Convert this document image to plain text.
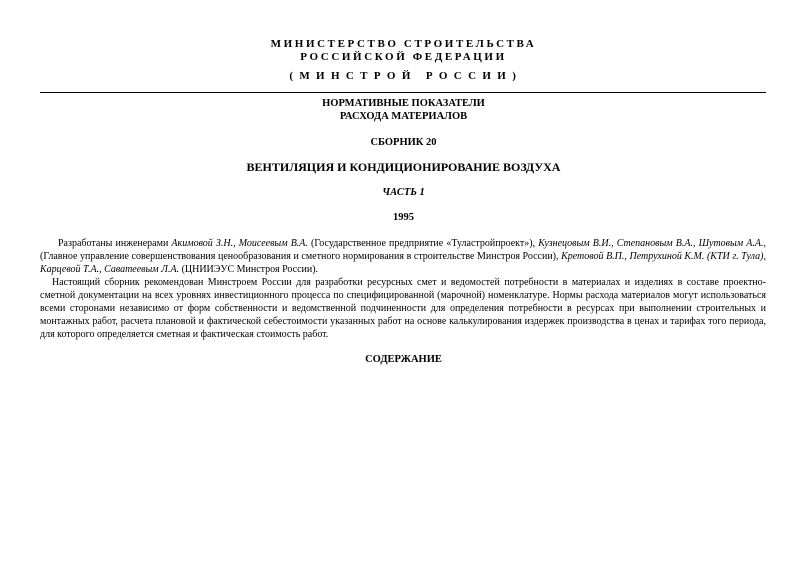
МИНИСТЕРСТВО СТРОИТЕЛЬСТВА
РОССИЙСКОЙ ФЕДЕРАЦИИ
( М И Н С Т Р О Й   Р О С С И И )
НОРМАТИВНЫЕ ПОКАЗАТЕЛИ
РАСХОДА МАТЕРИАЛОВ
СБОРНИК 20
ВЕНТИЛЯЦИЯ И КОНДИЦИОНИРОВАНИЕ ВОЗДУХА
ЧАСТЬ 1
1995
Разработаны инженерами Акимовой З.Н., Моисеевым В.А. (Государственное предприятие «Туластройпроект»), Кузнецовым В.И., Степановым В.А., Шутовым А.А., (Главное управление совершенствования ценообразования и сметного нормирования в строительстве Минстроя России), Кретовой В.П., Петрухиной К.М. (КТИ г. Тула), Карцевой Т.А., Саватеевым Л.А. (ЦНИИЭУС Минстроя России).
Настоящий сборник рекомендован Минстроем России для разработки ресурсных смет и ведомостей потребности в материалах и изделиях в составе проектно-сметной документации на всех уровнях инвестиционного процесса по специфицированной (марочной) номенклатуре. Нормы расхода материалов могут использоваться всеми сторонами независимо от форм собственности и ведомственной подчиненности для определения потребности в ресурсах при выполнении строительных и монтажных работ, расчета плановой и фактической себестоимости указанных работ на основе калькулирования издержек производства в ценах и тарифах того периода, для которого определяется сметная и фактическая стоимость работ.
СОДЕРЖАНИЕ
